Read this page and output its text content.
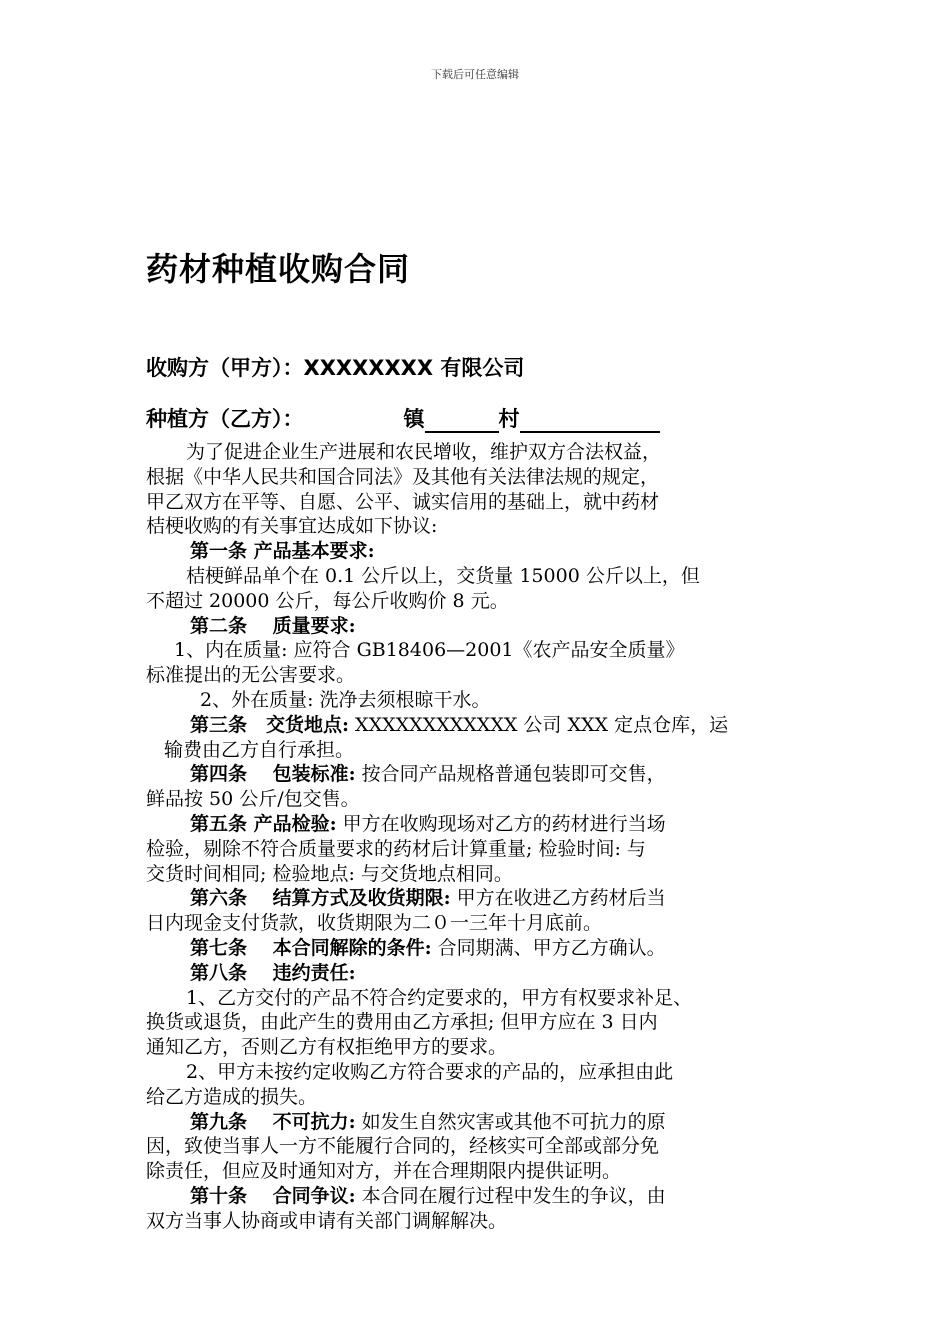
下载后可任意编辑
药材种植收购合同
收购方（甲方）：XXXXXXXX 有限公司
种植方（乙方）：	镇	村
为了促进企业生产进展和农民增收，维护双方合法权益，
根据《中华人民共和国合同法》及其他有关法律法规的规定，
甲乙双方在平等、自愿、公平、诚实信用的基础上，就中药材
桔梗收购的有关事宜达成如下协议:
第一条 产品基本要求:
桔梗鲜品单个在 0.1 公斤以上，交货量 15000 公斤以上，但
不超过 20000 公斤，每公斤收购价 8 元。
第二条　 质量要求:
1、内在质量: 应符合 GB18406—2001《农产品安全质量》
标准提出的无公害要求。
2、外在质量: 洗净去须根晾干水。
第三条　交货地点: XXXXXXXXXXXX 公司 XXX 定点仓库，运
输费由乙方自行承担。
第四条　 包装标准: 按合同产品规格普通包装即可交售，
鲜品按 50 公斤/包交售。
第五条 产品检验: 甲方在收购现场对乙方的药材进行当场
检验，剔除不符合质量要求的药材后计算重量; 检验时间: 与
交货时间相同; 检验地点: 与交货地点相同。
第六条　 结算方式及收货期限: 甲方在收进乙方药材后当
日内现金支付货款，收货期限为二０一三年十月底前。
第七条　 本合同解除的条件: 合同期满、甲方乙方确认。
第八条　 违约责任:
1、乙方交付的产品不符合约定要求的，甲方有权要求补足、
换货或退货，由此产生的费用由乙方承担; 但甲方应在 3 日内
通知乙方，否则乙方有权拒绝甲方的要求。
2、甲方未按约定收购乙方符合要求的产品的，应承担由此
给乙方造成的损失。
第九条　 不可抗力: 如发生自然灾害或其他不可抗力的原
因，致使当事人一方不能履行合同的，经核实可全部或部分免
除责任，但应及时通知对方，并在合理期限内提供证明。
第十条　 合同争议: 本合同在履行过程中发生的争议，由
双方当事人协商或申请有关部门调解解决。
